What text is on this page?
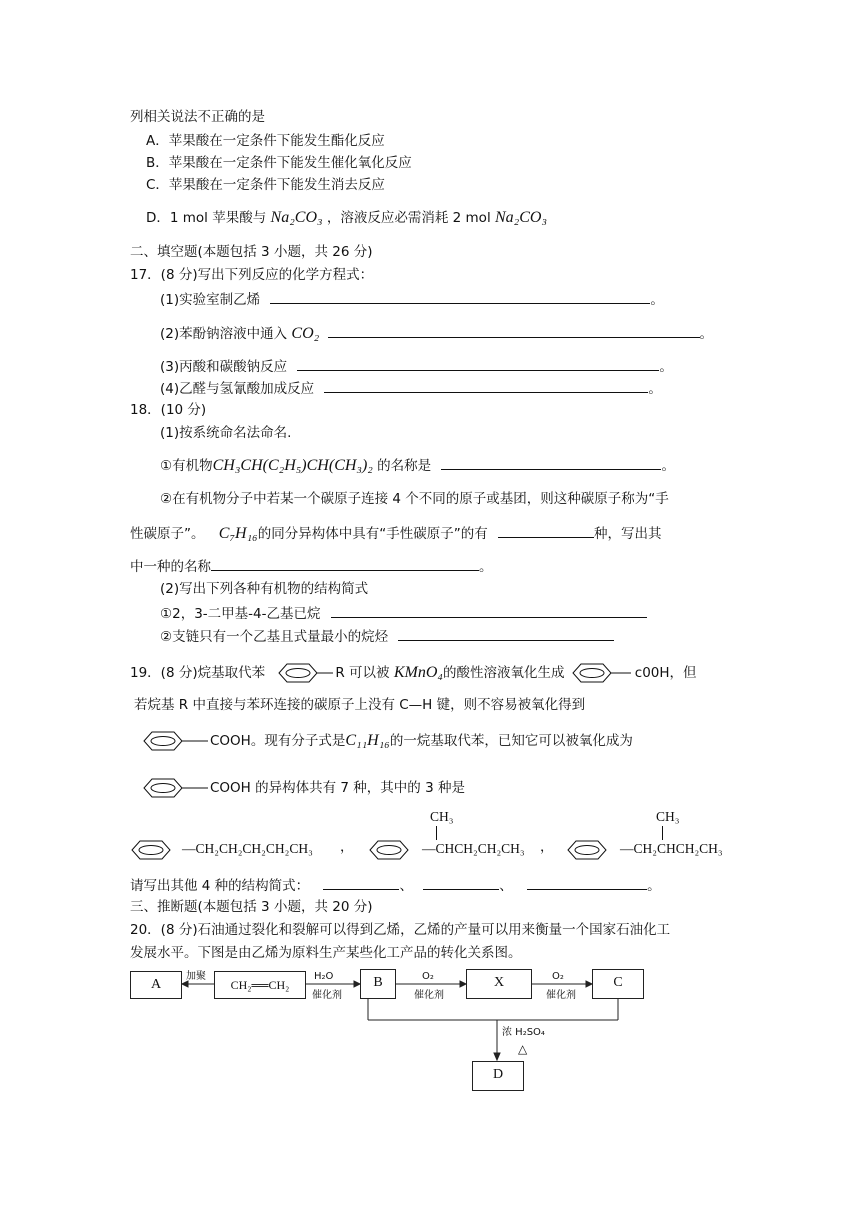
列相关说法不正确的是
A．苹果酸在一定条件下能发生酯化反应
B．苹果酸在一定条件下能发生催化氧化反应
C．苹果酸在一定条件下能发生消去反应
D．1 mol 苹果酸与 Na₂CO₃ ，溶液反应必需消耗 2 mol Na₂CO₃
二、填空题(本题包括 3 小题，共 26 分)
17．(8 分)写出下列反应的化学方程式：
(1)实验室制乙烯	。
(2)苯酚钠溶液中通入 CO₂	。
(3)丙酸和碳酸钠反应	。
(4)乙醛与氢氰酸加成反应	。
18．(10 分)
(1)按系统命名法命名.
①有机物CH₃CH(C₂H₅)CH(CH₃)₂ 的名称是	。
②在有机物分子中若某一个碳原子连接 4 个不同的原子或基团，则这种碳原子称为“手
性碳原子”。 C₇H₁₆的同分异构体中具有“手性碳原子”的有	种，写出其
中一种的名称	。
(2)写出下列各种有机物的结构简式
①2，3-二甲基-4-乙基已烷
②支链只有一个乙基且式量最小的烷烃
19．(8 分)烷基取代苯	R 可以被 KMnO₄的酸性溶液氧化生成	c00H，但
若烷基 R 中直接与苯环连接的碳原子上没有 C—H 键，则不容易被氧化得到
COOH。现有分子式是C₁₁H₁₆的一烷基取代苯，已知它可以被氧化成为
COOH 的异构体共有 7 种，其中的 3 种是
—CH₂CH₂CH₂CH₂CH₃ ，
CH₃
—CHCH₂CH₂CH₃ ，
CH₃
—CH₂CHCH₂CH₃
请写出其他 4 种的结构简式：	、	、	。
三、推断题(本题包括 3 小题，共 20 分)
20．(8 分)石油通过裂化和裂解可以得到乙烯，乙烯的产量可以用来衡量一个国家石油化工
发展水平。下图是由乙烯为原料生产某些化工产品的转化关系图。
A	CH₂══CH₂	B	X	C
D
加聚	H₂O
催化剂
O₂
催化剂
O₂
催化剂
浓 H₂SO₄
△
